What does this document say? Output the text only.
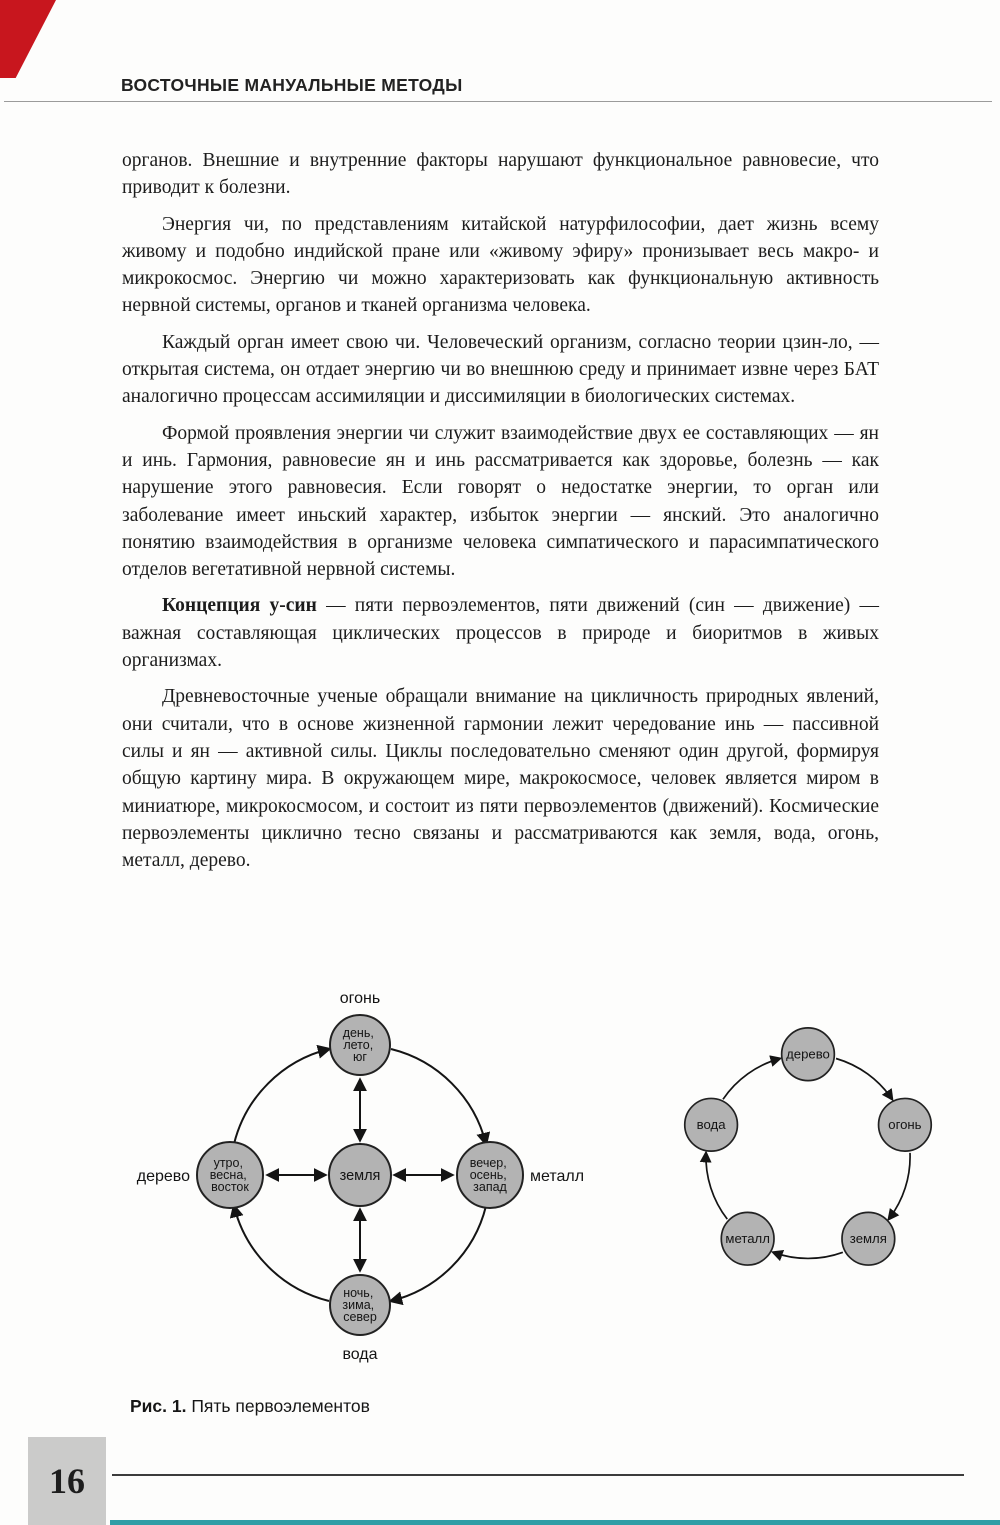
ВОСТОЧНЫЕ МАНУАЛЬНЫЕ МЕТОДЫ

органов. Внешние и внутренние факторы нарушают функциональное равновесие, что приводит к болезни.

Энергия чи, по представлениям китайской натурфилософии, дает жизнь всему живому и подобно индийской пране или «живому эфиру» пронизывает весь макро- и микрокосмос. Энергию чи можно характеризовать как функциональную активность нервной системы, органов и тканей организма человека.

Каждый орган имеет свою чи. Человеческий организм, согласно теории цзин-ло, — открытая система, он отдает энергию чи во внешнюю среду и принимает извне через БАТ аналогично процессам ассимиляции и диссимиляции в биологических системах.

Формой проявления энергии чи служит взаимодействие двух ее составляющих — ян и инь. Гармония, равновесие ян и инь рассматривается как здоровье, болезнь — как нарушение этого равновесия. Если говорят о недостатке энергии, то орган или заболевание имеет иньский характер, избыток энергии — янский. Это аналогично понятию взаимодействия в организме человека симпатического и парасимпатического отделов вегетативной нервной системы.

Концепция у-син — пяти первоэлементов, пяти движений (син — движение) — важная составляющая циклических процессов в природе и биоритмов в живых организмах.

Древневосточные ученые обращали внимание на цикличность природных явлений, они считали, что в основе жизненной гармонии лежит чередование инь — пассивной силы и ян — активной силы. Циклы последовательно сменяют один другой, формируя общую картину мира. В окружающем мире, макрокосмосе, человек является миром в миниатюре, микрокосмосом, и состоит из пяти первоэлементов (движений). Космические первоэлементы циклично тесно связаны и рассматриваются как земля, вода, огонь, металл, дерево.

день, лето, юг
утро, весна, восток
вечер, осень, запад
ночь, зима, север
земля
огонь
дерево	металл
вода
дерево
огонь
земля
металл
вода
Рис. 1. Пять первоэлементов
16
